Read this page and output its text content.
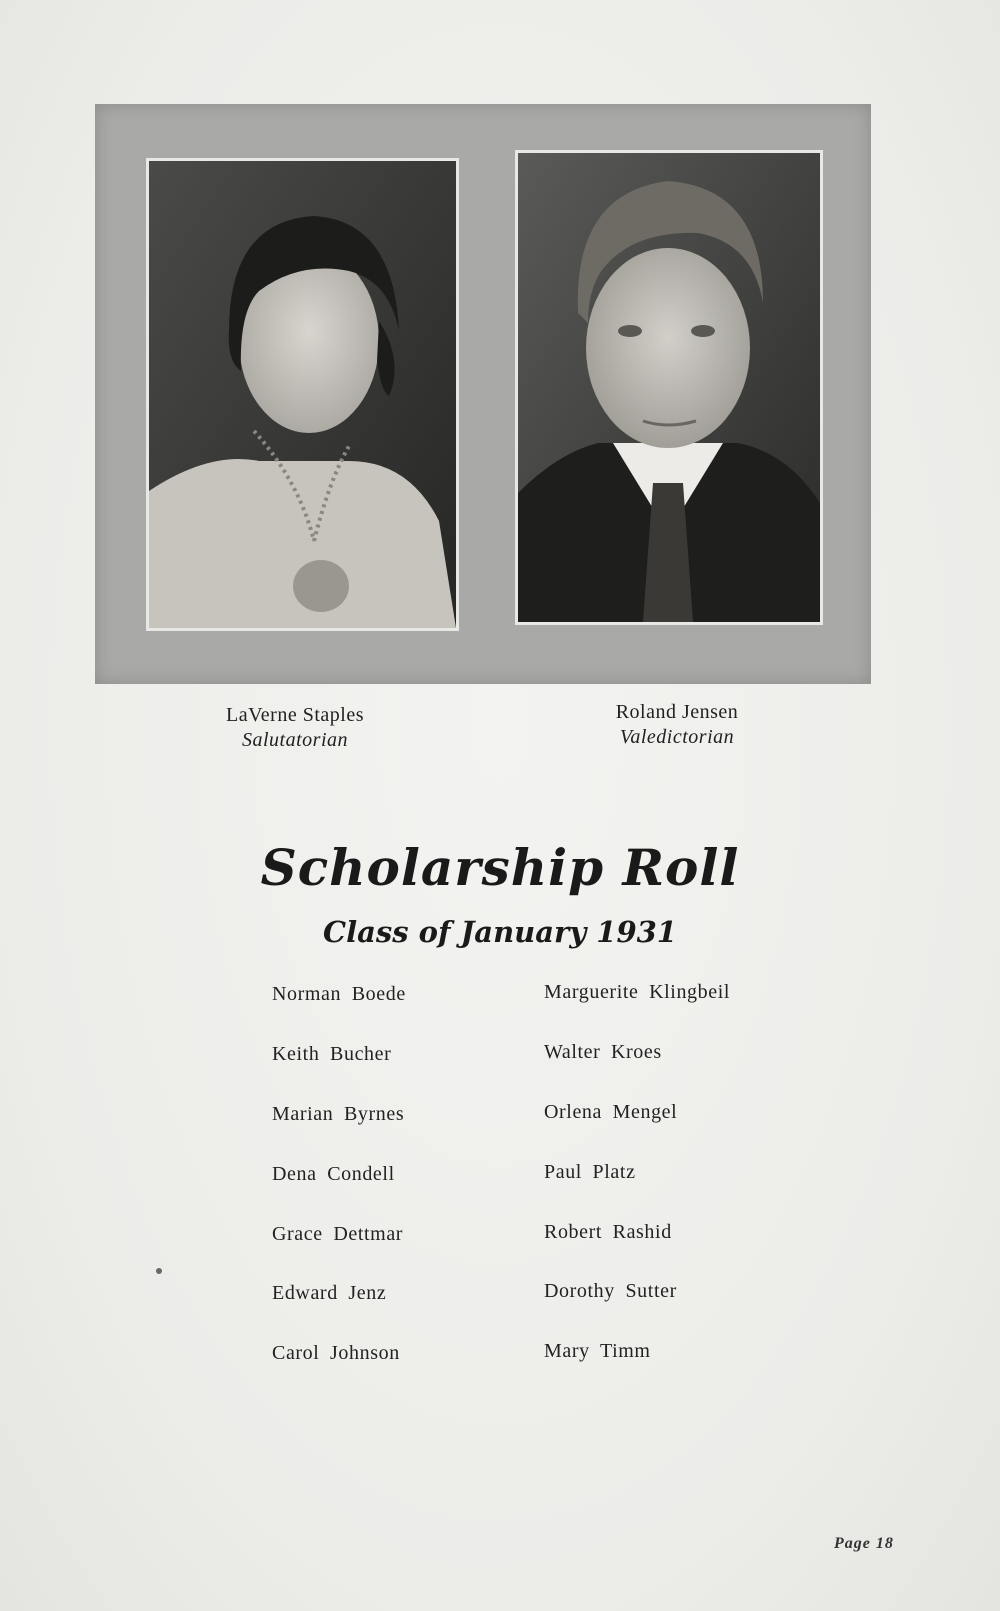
LaVerne Staples
Salutatorian
Roland Jensen
Valedictorian
Scholarship Roll
Class of January 1931
Norman Boede
Keith Bucher
Marian Byrnes
Dena Condell
Grace Dettmar
Edward Jenz
Carol Johnson
Marguerite Klingbeil
Walter Kroes
Orlena Mengel
Paul Platz
Robert Rashid
Dorothy Sutter
Mary Timm
Page 18
